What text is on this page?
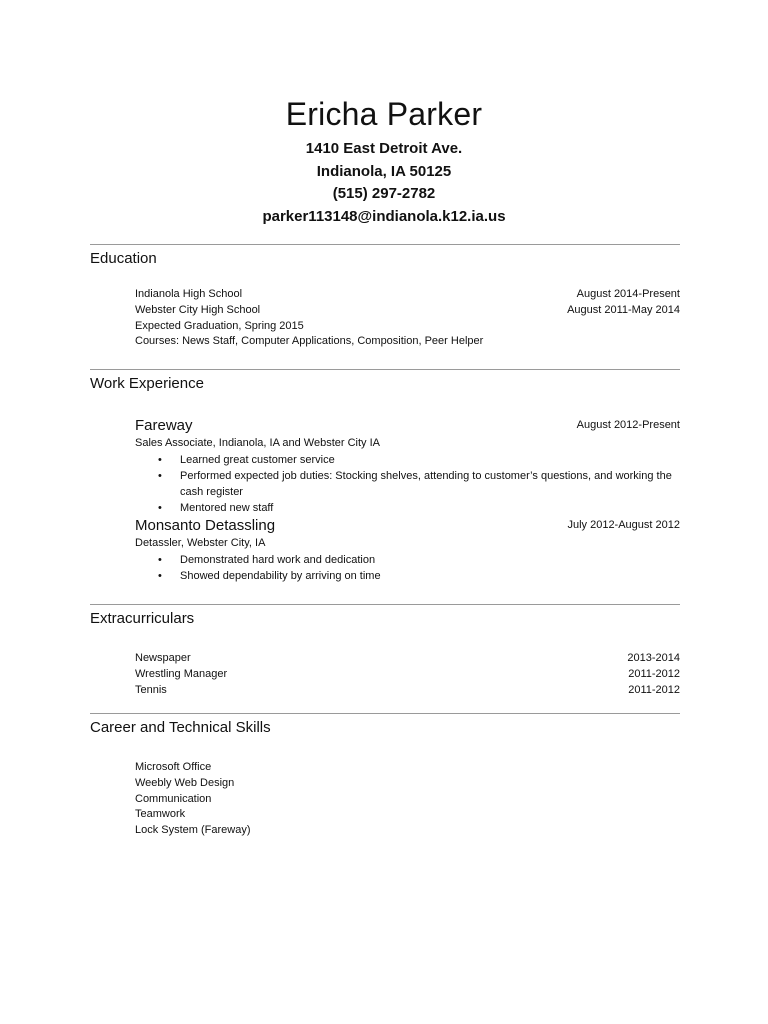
Ericha Parker
1410 East Detroit Ave.
Indianola, IA 50125
(515) 297-2782
parker113148@indianola.k12.ia.us
Education
Indianola High School	August 2014-Present
Webster City High School	August 2011-May 2014
Expected Graduation, Spring 2015
Courses: News Staff, Computer Applications, Composition, Peer Helper
Work Experience
Fareway	August 2012-Present
Sales Associate, Indianola, IA and Webster City IA
• Learned great customer service
• Performed expected job duties: Stocking shelves, attending to customer’s questions, and working the cash register
• Mentored new staff
Monsanto Detassling	July 2012-August 2012
Detassler, Webster City, IA
• Demonstrated hard work and dedication
• Showed dependability by arriving on time
Extracurriculars
Newspaper	2013-2014
Wrestling Manager	2011-2012
Tennis	2011-2012
Career and Technical Skills
Microsoft Office
Weebly Web Design
Communication
Teamwork
Lock System (Fareway)
